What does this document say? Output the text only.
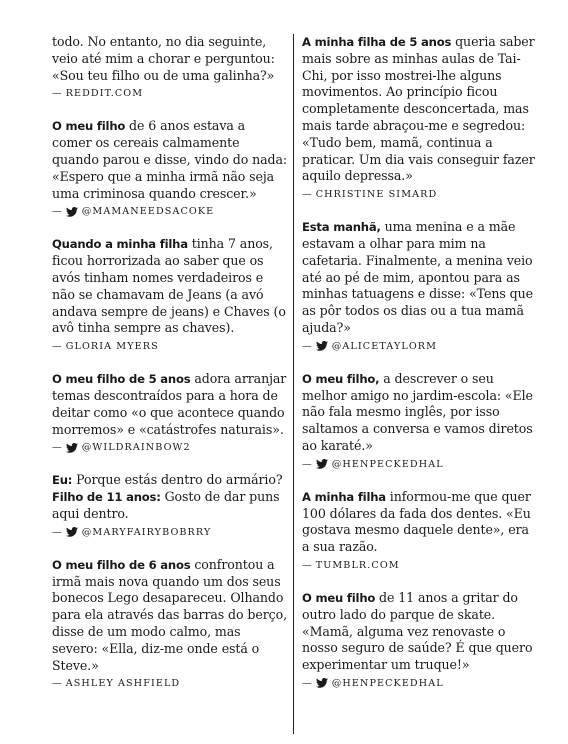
todo. No entanto, no dia seguinte, veio até mim a chorar e perguntou: «Sou teu filho ou de uma galinha?»

— REDDIT.COM

O meu filho de 6 anos estava a comer os cereais calmamente quando parou e disse, vindo do nada: «Espero que a minha irmã não seja uma criminosa quando crescer.»

— @MAMANEEDSACOKE

Quando a minha filha tinha 7 anos, ficou horrorizada ao saber que os avós tinham nomes verdadeiros e não se chamavam de Jeans (a avó andava sempre de jeans) e Chaves (o avô tinha sempre as chaves).

— GLORIA MYERS

O meu filho de 5 anos adora arranjar temas descontraídos para a hora de deitar como «o que acontece quando morremos» e «catástrofes naturais».

— @WILDRAINBOW2

Eu: Porque estás dentro do armário?
Filho de 11 anos: Gosto de dar puns aqui dentro.

— @MARYFAIRYBOBRRY

O meu filho de 6 anos confrontou a irmã mais nova quando um dos seus bonecos Lego desapareceu. Olhando para ela através das barras do berço, disse de um modo calmo, mas severo: «Ella, diz-me onde está o Steve.»

— ASHLEY ASHFIELD

A minha filha de 5 anos queria saber mais sobre as minhas aulas de Tai-Chi, por isso mostrei-lhe alguns movimentos. Ao princípio ficou completamente desconcertada, mas mais tarde abraçou-me e segredou: «Tudo bem, mamã, continua a praticar. Um dia vais conseguir fazer aquilo depressa.»

— CHRISTINE SIMARD

Esta manhã, uma menina e a mãe estavam a olhar para mim na cafetaria. Finalmente, a menina veio até ao pé de mim, apontou para as minhas tatuagens e disse: «Tens que as pôr todos os dias ou a tua mamã ajuda?»

— @ALICETAYLORM

O meu filho, a descrever o seu melhor amigo no jardim-escola: «Ele não fala mesmo inglês, por isso saltamos a conversa e vamos diretos ao karaté.»

— @HENPECKEDHAL

A minha filha informou-me que quer 100 dólares da fada dos dentes. «Eu gostava mesmo daquele dente», era a sua razão.

— TUMBLR.COM

O meu filho de 11 anos a gritar do outro lado do parque de skate. «Mamã, alguma vez renovaste o nosso seguro de saúde? É que quero experimentar um truque!»

— @HENPECKEDHAL
